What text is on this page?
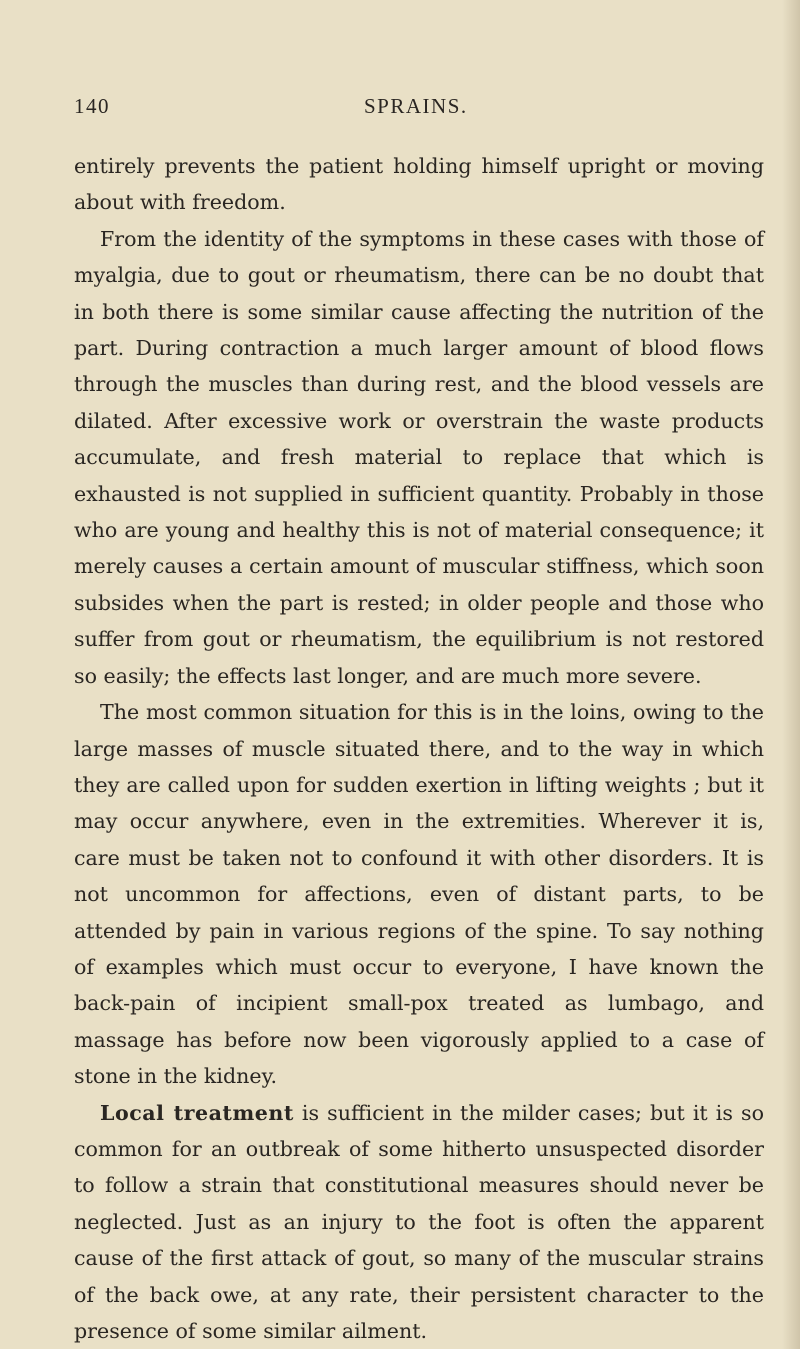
140	SPRAINS.

entirely prevents the patient holding himself upright or moving about with freedom.

From the identity of the symptoms in these cases with those of myalgia, due to gout or rheumatism, there can be no doubt that in both there is some similar cause affecting the nutrition of the part. During contraction a much larger amount of blood flows through the muscles than during rest, and the blood vessels are dilated. After excessive work or overstrain the waste products accumulate, and fresh material to replace that which is exhausted is not supplied in sufficient quantity. Probably in those who are young and healthy this is not of material consequence; it merely causes a certain amount of muscular stiffness, which soon subsides when the part is rested; in older people and those who suffer from gout or rheumatism, the equilibrium is not restored so easily; the effects last longer, and are much more severe.

The most common situation for this is in the loins, owing to the large masses of muscle situated there, and to the way in which they are called upon for sudden exertion in lifting weights ; but it may occur anywhere, even in the extremities. Wherever it is, care must be taken not to confound it with other disorders. It is not uncommon for affections, even of distant parts, to be attended by pain in various regions of the spine. To say nothing of examples which must occur to everyone, I have known the back-pain of incipient small-pox treated as lumbago, and massage has before now been vigorously applied to a case of stone in the kidney.

Local treatment is sufficient in the milder cases; but it is so common for an outbreak of some hitherto unsuspected disorder to follow a strain that constitutional measures should never be neglected. Just as an injury to the foot is often the apparent cause of the first attack of gout, so many of the muscular strains of the back owe, at any rate, their persistent character to the presence of some similar ailment.
